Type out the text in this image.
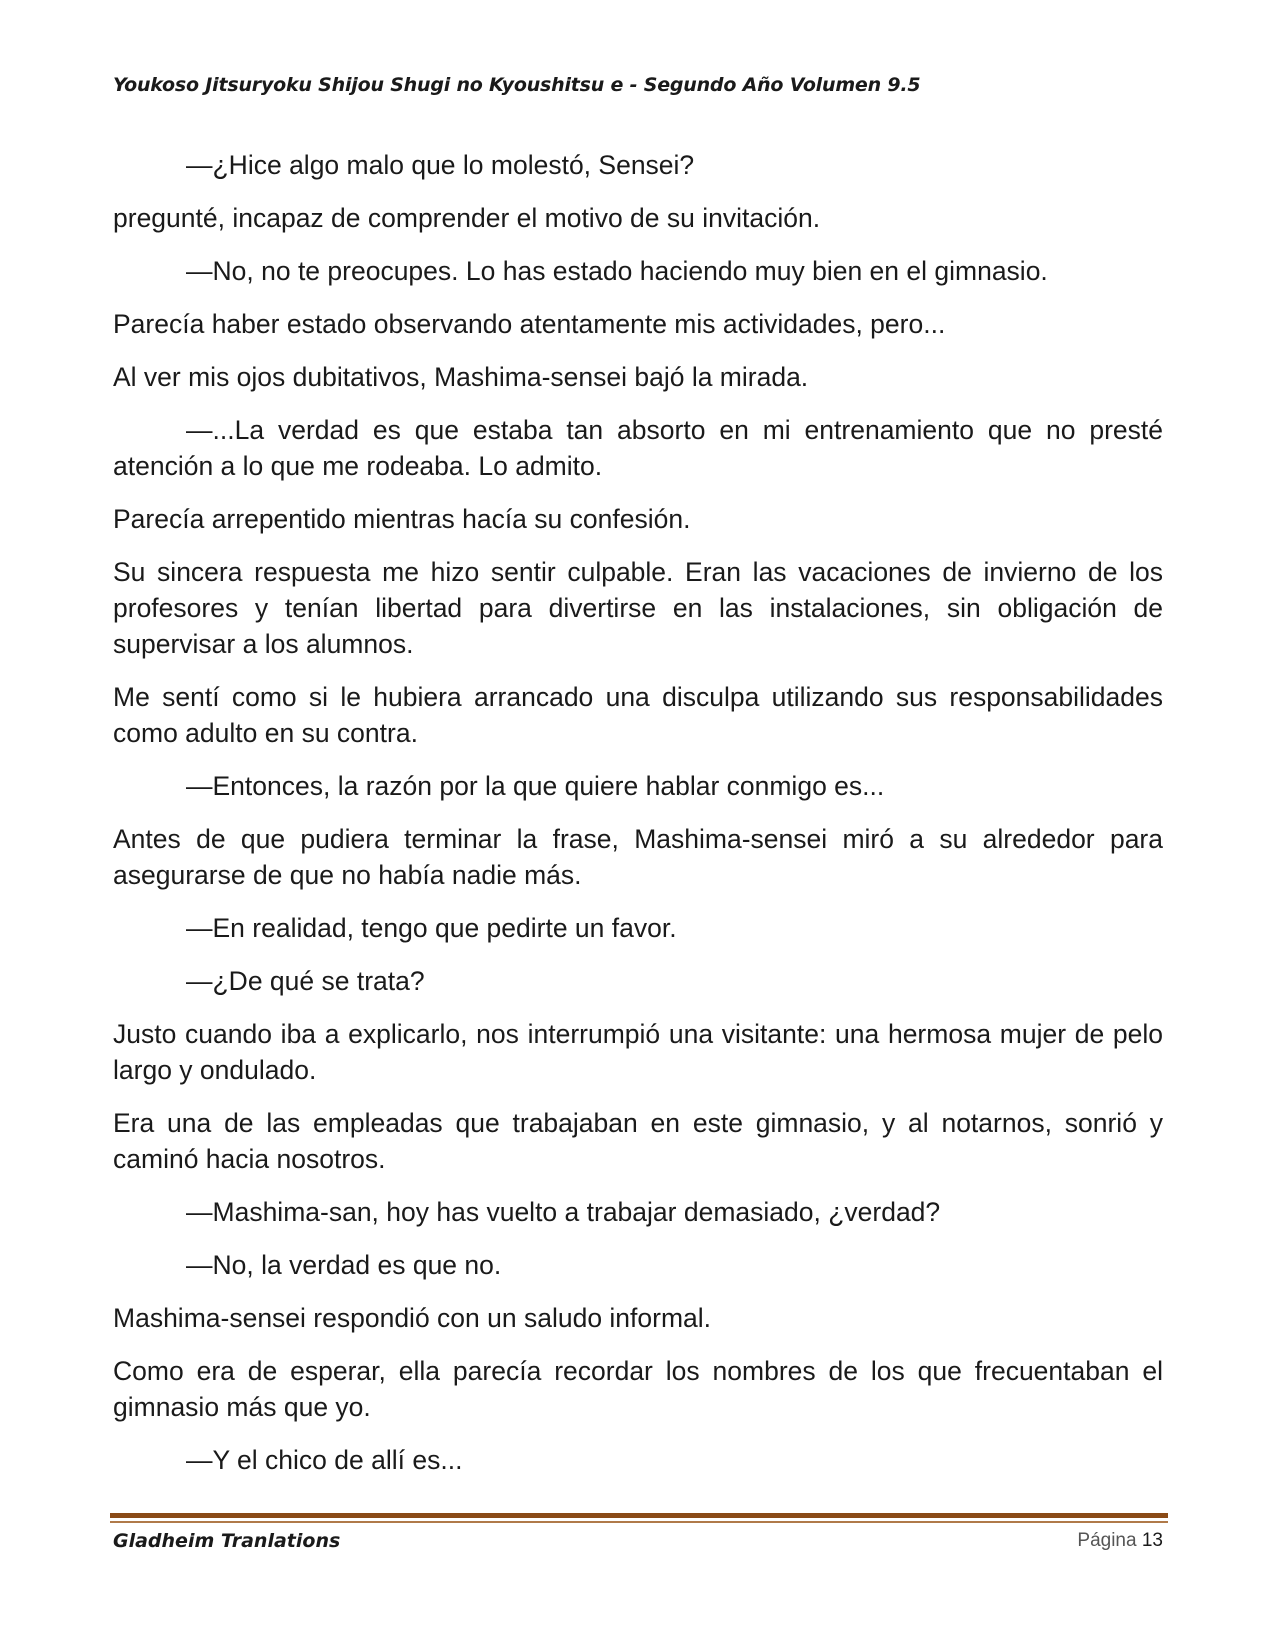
Youkoso Jitsuryoku Shijou Shugi no Kyoushitsu e - Segundo Año Volumen 9.5

—¿Hice algo malo que lo molestó, Sensei?

pregunté, incapaz de comprender el motivo de su invitación.

—No, no te preocupes. Lo has estado haciendo muy bien en el gimnasio.

Parecía haber estado observando atentamente mis actividades, pero...

Al ver mis ojos dubitativos, Mashima-sensei bajó la mirada.

—...La verdad es que estaba tan absorto en mi entrenamiento que no presté atención a lo que me rodeaba. Lo admito.

Parecía arrepentido mientras hacía su confesión.

Su sincera respuesta me hizo sentir culpable. Eran las vacaciones de invierno de los profesores y tenían libertad para divertirse en las instalaciones, sin obligación de supervisar a los alumnos.

Me sentí como si le hubiera arrancado una disculpa utilizando sus responsabilidades como adulto en su contra.

—Entonces, la razón por la que quiere hablar conmigo es...

Antes de que pudiera terminar la frase, Mashima-sensei miró a su alrededor para asegurarse de que no había nadie más.

—En realidad, tengo que pedirte un favor.

—¿De qué se trata?

Justo cuando iba a explicarlo, nos interrumpió una visitante: una hermosa mujer de pelo largo y ondulado.

Era una de las empleadas que trabajaban en este gimnasio, y al notarnos, sonrió y caminó hacia nosotros.

—Mashima-san, hoy has vuelto a trabajar demasiado, ¿verdad?

—No, la verdad es que no.

Mashima-sensei respondió con un saludo informal.

Como era de esperar, ella parecía recordar los nombres de los que frecuentaban el gimnasio más que yo.

—Y el chico de allí es...

Gladheim Tranlations	Página 13
